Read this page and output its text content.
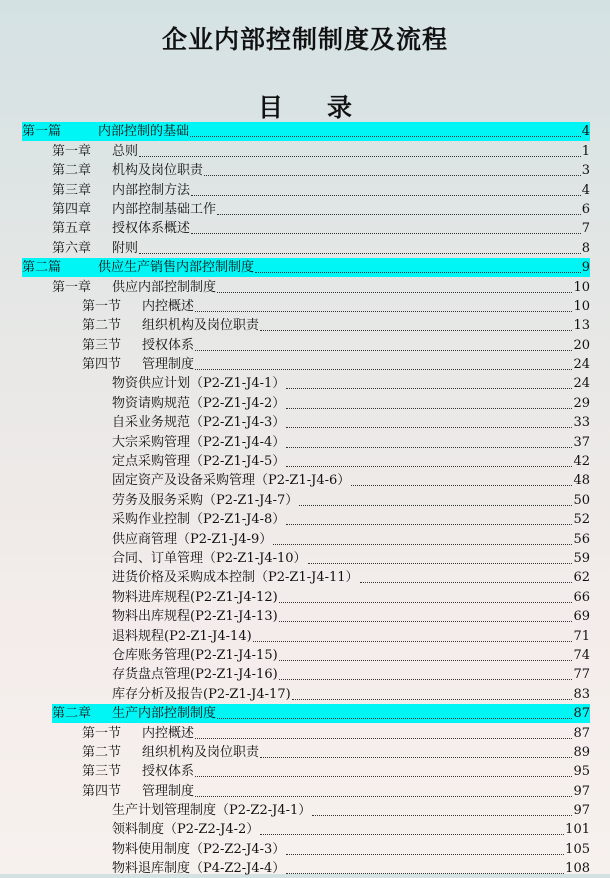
企业内部控制制度及流程
目 录
第一篇	内部控制的基础	4
第一章 总则	1
第二章 机构及岗位职责	3
第三章 内部控制方法	4
第四章 内部控制基础工作	6
第五章 授权体系概述	7
第六章 附则	8
第二篇	供应生产销售内部控制制度	9
第一章 供应内部控制制度	10
第一节 内控概述	10
第二节 组织机构及岗位职责	13
第三节 授权体系	20
第四节 管理制度	24
物资供应计划（P2-Z1-J4-1）	24
物资请购规范（P2-Z1-J4-2）	29
自采业务规范（P2-Z1-J4-3）	33
大宗采购管理（P2-Z1-J4-4）	37
定点采购管理（P2-Z1-J4-5）	42
固定资产及设备采购管理（P2-Z1-J4-6）	48
劳务及服务采购（P2-Z1-J4-7）	50
采购作业控制（P2-Z1-J4-8）	52
供应商管理（P2-Z1-J4-9）	56
合同、订单管理（P2-Z1-J4-10）	59
进货价格及采购成本控制（P2-Z1-J4-11）	62
物料进库规程(P2-Z1-J4-12)	66
物料出库规程(P2-Z1-J4-13)	69
退料规程(P2-Z1-J4-14)	71
仓库账务管理(P2-Z1-J4-15)	74
存货盘点管理(P2-Z1-J4-16)	77
库存分析及报告(P2-Z1-J4-17)	83
第二章 生产内部控制制度	87
第一节 内控概述	87
第二节 组织机构及岗位职责	89
第三节 授权体系	95
第四节 管理制度	97
生产计划管理制度（P2-Z2-J4-1）	97
领料制度（P2-Z2-J4-2）	101
物料使用制度（P2-Z2-J4-3）	105
物料退库制度（P4-Z2-J4-4）	108
